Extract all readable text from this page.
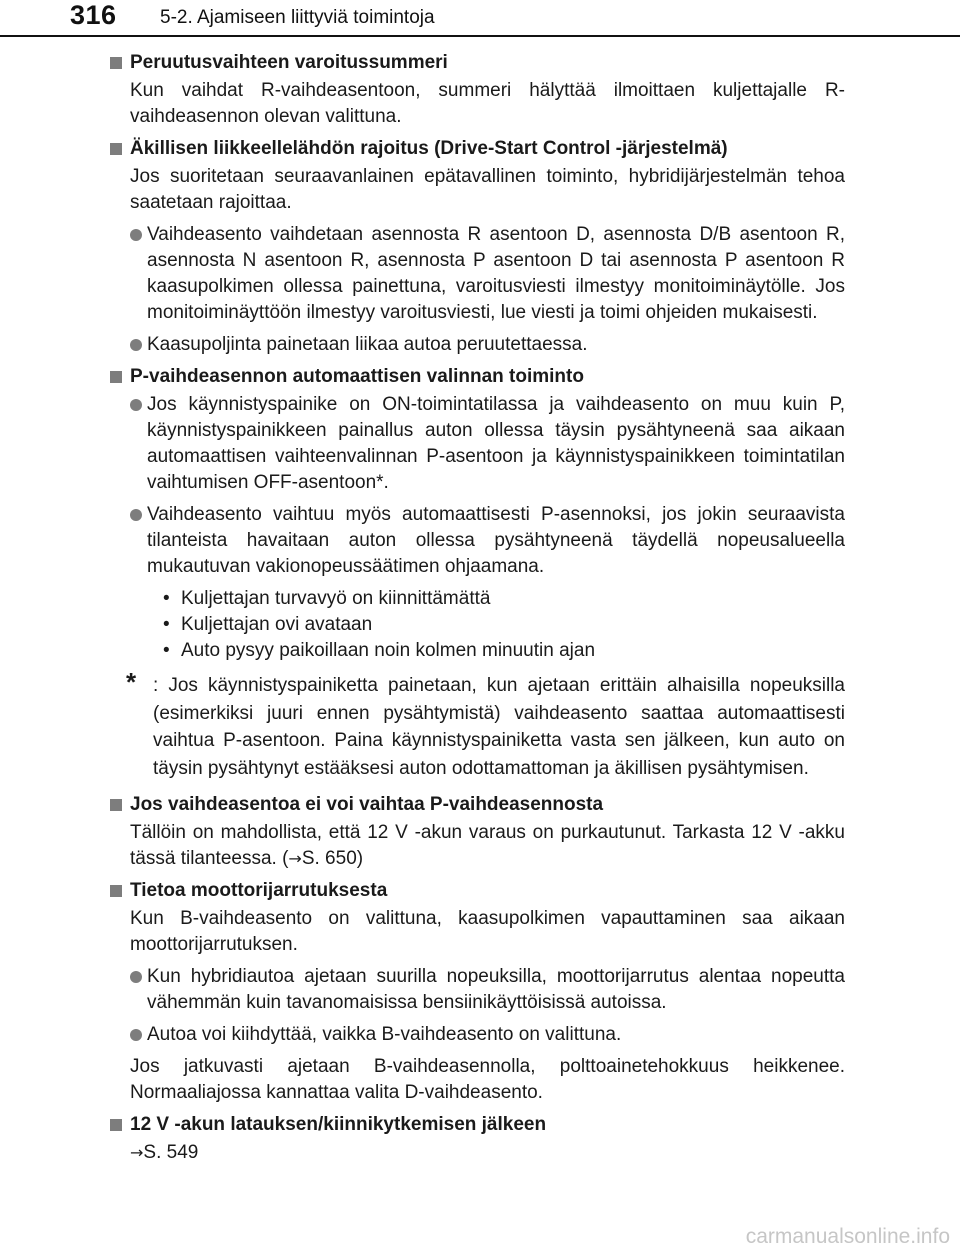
316 5-2. Ajamiseen liittyviä toimintoja
Peruutusvaihteen varoitussummeri
Kun vaihdat R-vaihdeasentoon, summeri hälyttää ilmoittaen kuljettajalle R-vaihdeasennon olevan valittuna.
Äkillisen liikkeellelähdön rajoitus (Drive-Start Control -järjestelmä)
Jos suoritetaan seuraavanlainen epätavallinen toiminto, hybridijärjestelmän tehoa saatetaan rajoittaa.
Vaihdeasento vaihdetaan asennosta R asentoon D, asennosta D/B asentoon R, asennosta N asentoon R, asennosta P asentoon D tai asennosta P asentoon R kaasupolkimen ollessa painettuna, varoitusviesti ilmestyy monitoiminäytölle. Jos monitoiminäyttöön ilmestyy varoitusviesti, lue viesti ja toimi ohjeiden mukaisesti.
Kaasupoljinta painetaan liikaa autoa peruutettaessa.
P-vaihdeasennon automaattisen valinnan toiminto
Jos käynnistyspainike on ON-toimintatilassa ja vaihdeasento on muu kuin P, käynnistyspainikkeen painallus auton ollessa täysin pysähtyneenä saa aikaan automaattisen vaihteenvalinnan P-asentoon ja käynnistyspainikkeen toimintatilan vaihtumisen OFF-asentoon*.
Vaihdeasento vaihtuu myös automaattisesti P-asennoksi, jos jokin seuraavista tilanteista havaitaan auton ollessa pysähtyneenä täydellä nopeusalueella mukautuvan vakionopeussäätimen ohjaamana.
• Kuljettajan turvavyö on kiinnittämättä
• Kuljettajan ovi avataan
• Auto pysyy paikoillaan noin kolmen minuutin ajan
* : Jos käynnistyspainiketta painetaan, kun ajetaan erittäin alhaisilla nopeuksilla (esimerkiksi juuri ennen pysähtymistä) vaihdeasento saattaa automaattisesti vaihtua P-asentoon. Paina käynnistyspainiketta vasta sen jälkeen, kun auto on täysin pysähtynyt estääksesi auton odottamattoman ja äkillisen pysähtymisen.
Jos vaihdeasentoa ei voi vaihtaa P-vaihdeasennosta
Tällöin on mahdollista, että 12 V -akun varaus on purkautunut. Tarkasta 12 V -akku tässä tilanteessa. (→S. 650)
Tietoa moottorijarrutuksesta
Kun B-vaihdeasento on valittuna, kaasupolkimen vapauttaminen saa aikaan moottorijarrutuksen.
Kun hybridiautoa ajetaan suurilla nopeuksilla, moottorijarrutus alentaa nopeutta vähemmän kuin tavanomaisissa bensiinikäyttöisissä autoissa.
Autoa voi kiihdyttää, vaikka B-vaihdeasento on valittuna.
Jos jatkuvasti ajetaan B-vaihdeasennolla, polttoainetehokkuus heikkenee. Normaaliajossa kannattaa valita D-vaihdeasento.
12 V -akun latauksen/kiinnikytkemisen jälkeen
→S. 549
carmanualsonline.info
